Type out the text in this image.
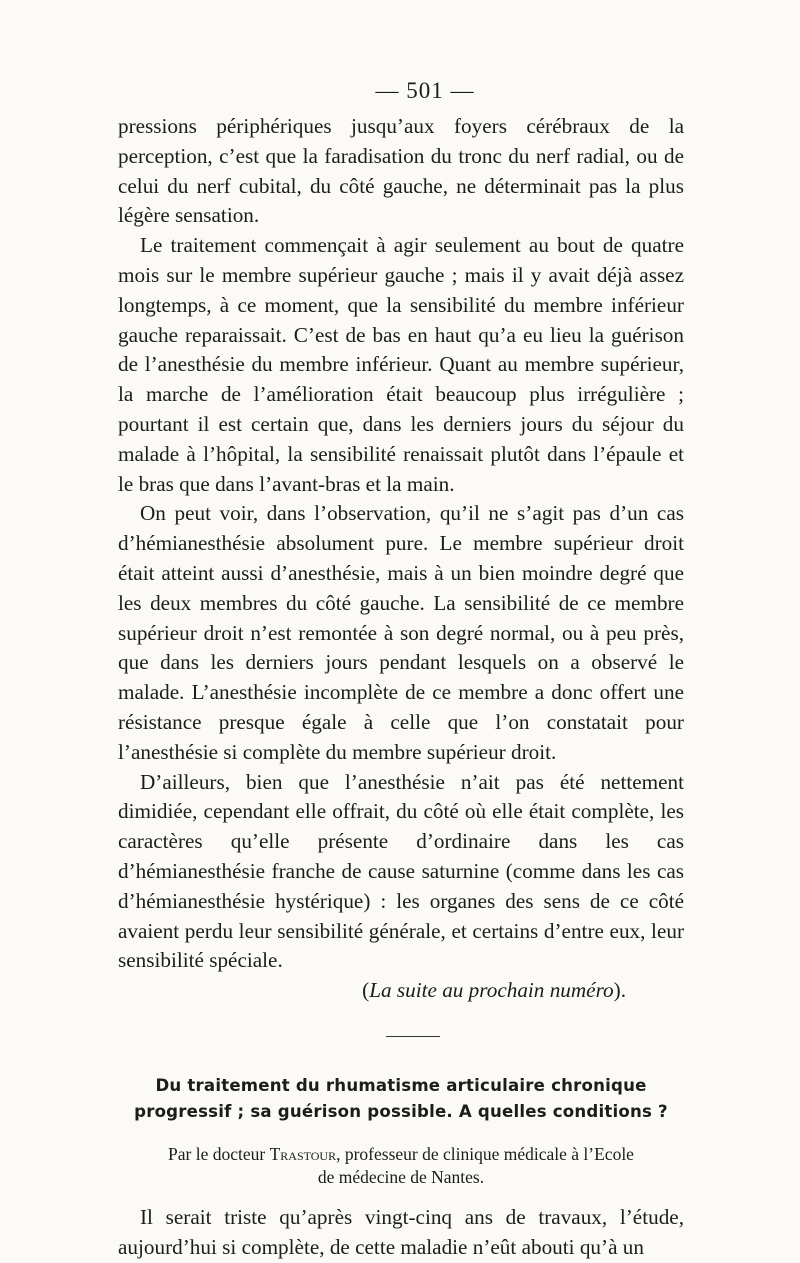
— 501 —

pressions périphériques jusqu’aux foyers cérébraux de la perception, c’est que la faradisation du tronc du nerf radial, ou de celui du nerf cubital, du côté gauche, ne déterminait pas la plus légère sensation.

Le traitement commençait à agir seulement au bout de quatre mois sur le membre supérieur gauche ; mais il y avait déjà assez longtemps, à ce moment, que la sensibilité du membre inférieur gauche reparaissait. C’est de bas en haut qu’a eu lieu la guérison de l’anesthésie du membre inférieur. Quant au membre supérieur, la marche de l’amélioration était beaucoup plus irrégulière ; pourtant il est certain que, dans les derniers jours du séjour du malade à l’hôpital, la sensibilité renaissait plutôt dans l’épaule et le bras que dans l’avant-bras et la main.

On peut voir, dans l’observation, qu’il ne s’agit pas d’un cas d’hémianesthésie absolument pure. Le membre supérieur droit était atteint aussi d’anesthésie, mais à un bien moindre degré que les deux membres du côté gauche. La sensibilité de ce membre supérieur droit n’est remontée à son degré normal, ou à peu près, que dans les derniers jours pendant lesquels on a observé le malade. L’anesthésie incomplète de ce membre a donc offert une résistance presque égale à celle que l’on constatait pour l’anesthésie si complète du membre supérieur droit.

D’ailleurs, bien que l’anesthésie n’ait pas été nettement dimidiée, cependant elle offrait, du côté où elle était complète, les caractères qu’elle présente d’ordinaire dans les cas d’hémianesthésie franche de cause saturnine (comme dans les cas d’hémianesthésie hystérique) : les organes des sens de ce côté avaient perdu leur sensibilité générale, et certains d’entre eux, leur sensibilité spéciale.

(La suite au prochain numéro).

Du traitement du rhumatisme articulaire chronique
progressif ; sa guérison possible. A quelles conditions ?
Par le docteur Trastour, professeur de clinique médicale à l’Ecole
de médecine de Nantes.

Il serait triste qu’après vingt-cinq ans de travaux, l’étude, aujourd’hui si complète, de cette maladie n’eût abouti qu’à un
